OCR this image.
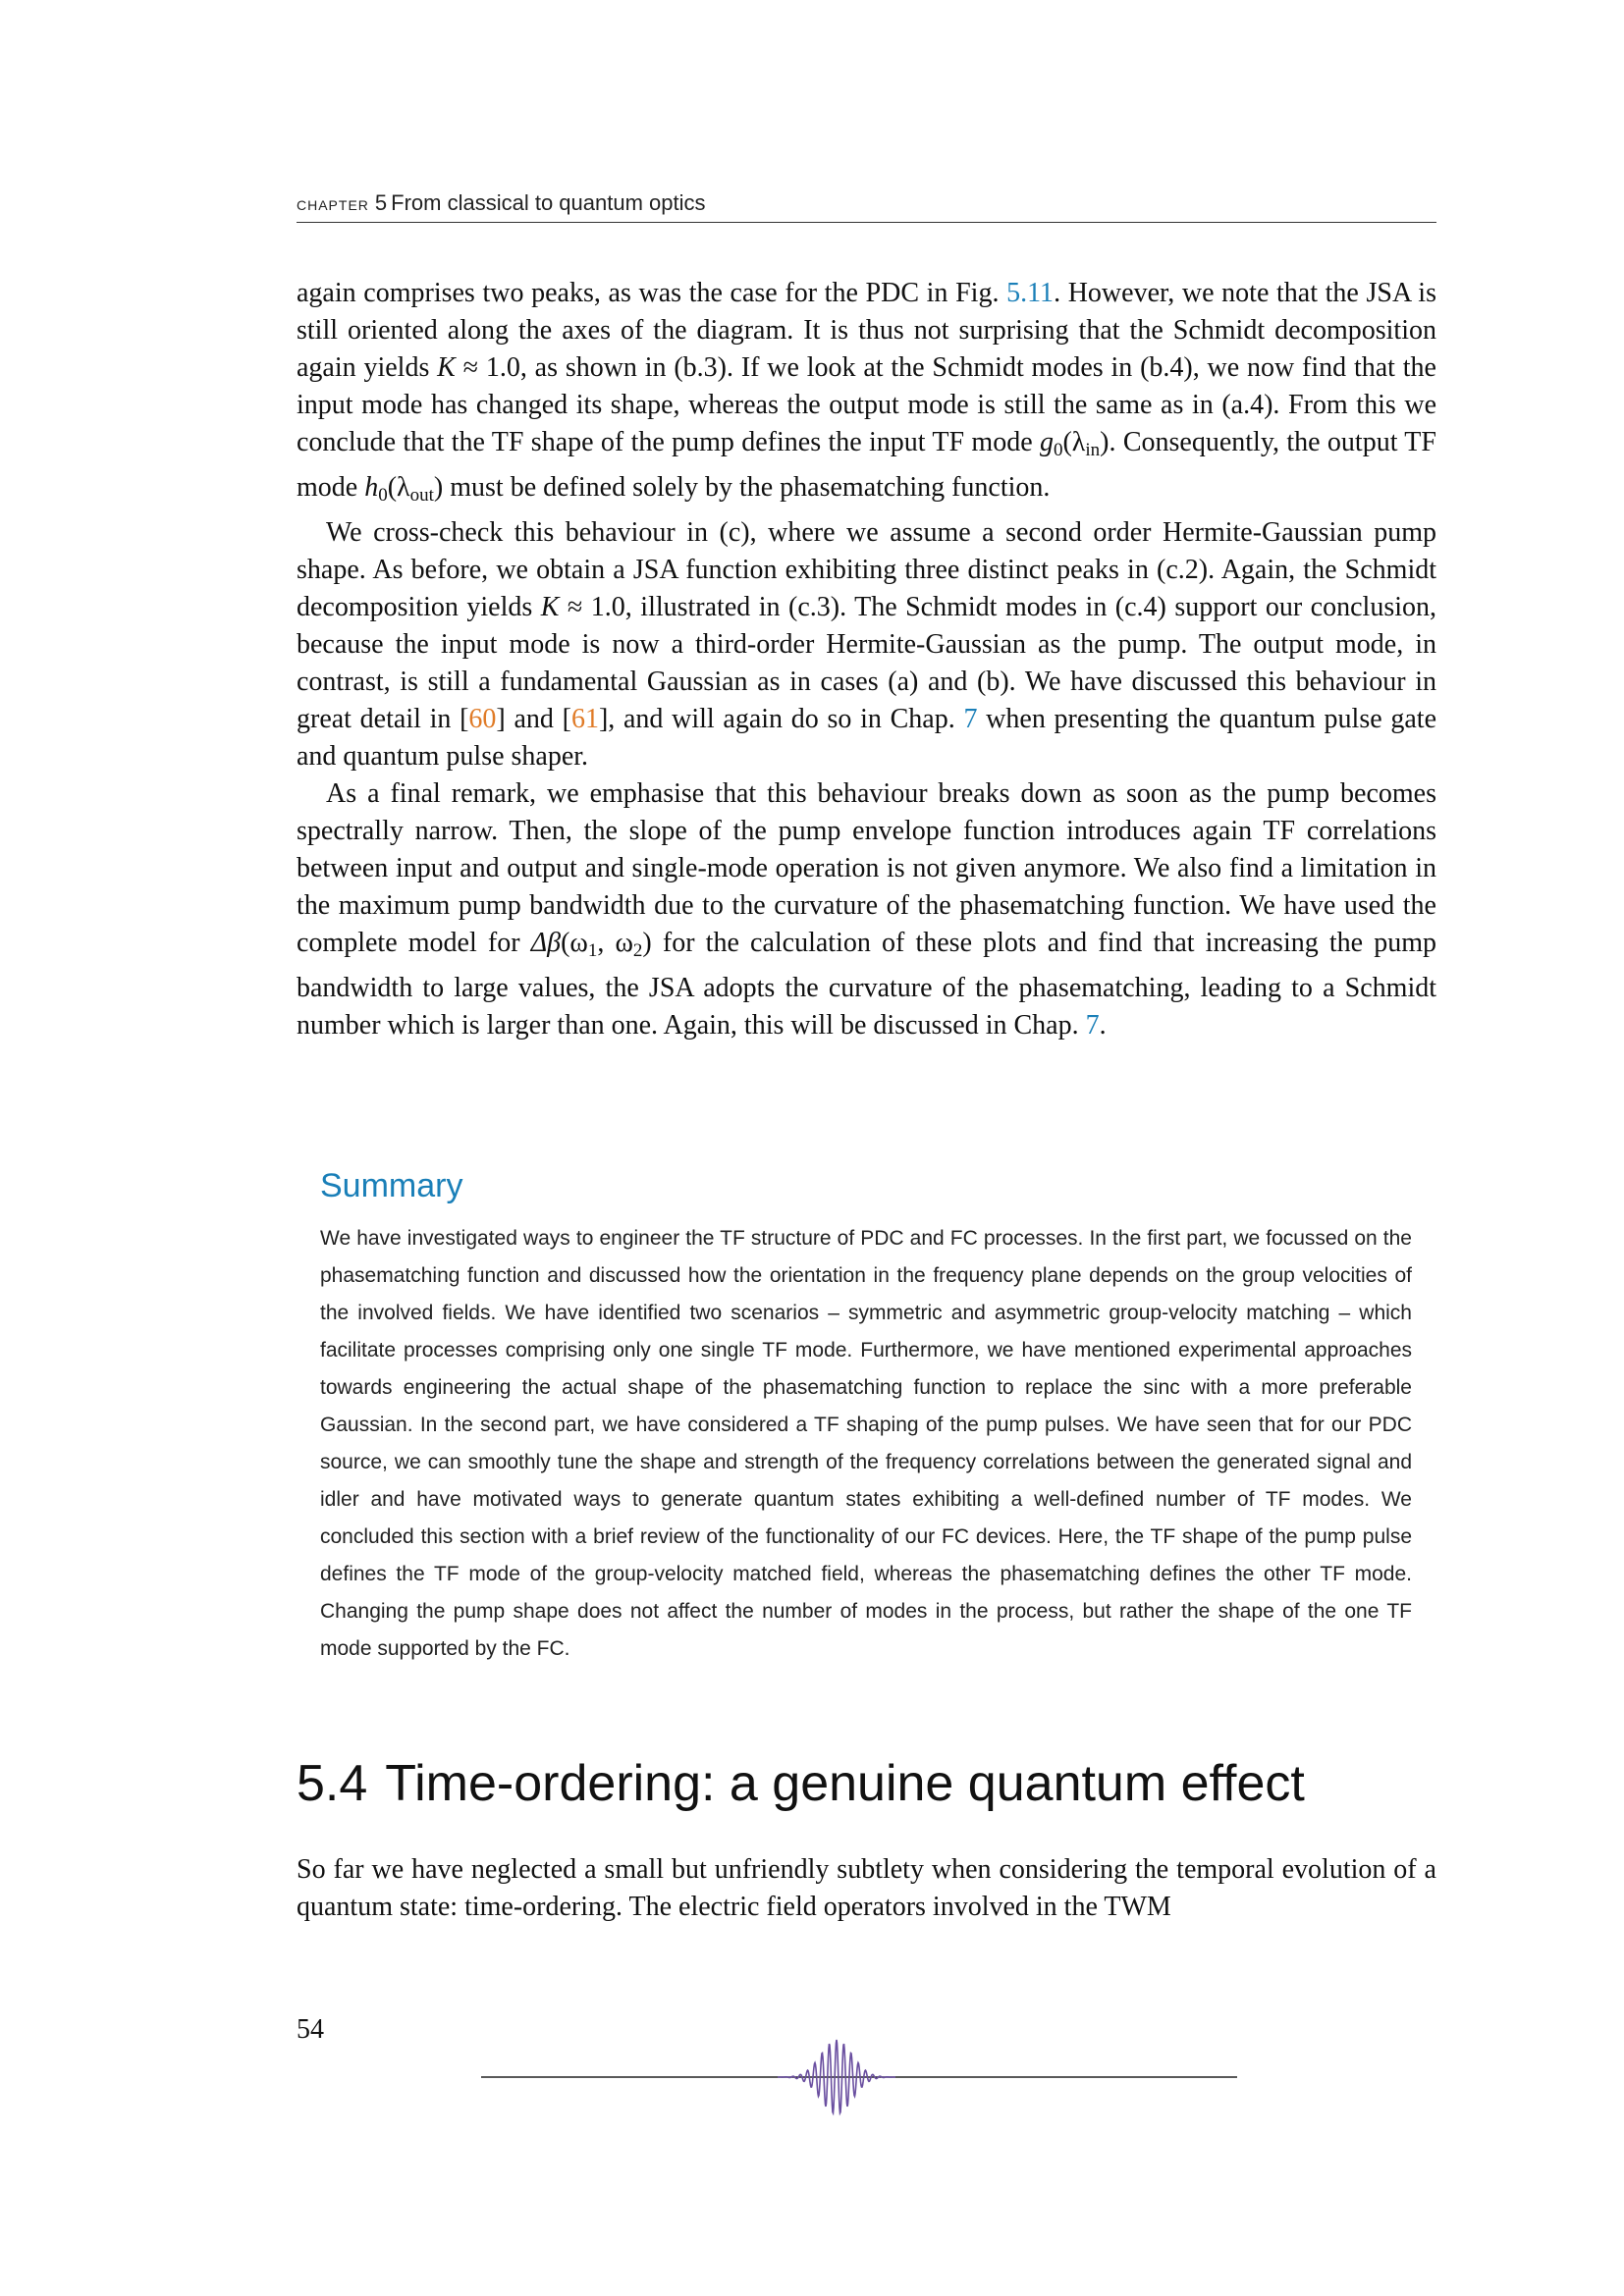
chapter 5 From classical to quantum optics

again comprises two peaks, as was the case for the PDC in Fig. 5.11. However, we note that the JSA is still oriented along the axes of the diagram. It is thus not surprising that the Schmidt decomposition again yields K ≈ 1.0, as shown in (b.3). If we look at the Schmidt modes in (b.4), we now find that the input mode has changed its shape, whereas the output mode is still the same as in (a.4). From this we conclude that the TF shape of the pump defines the input TF mode $g_0(\lambda_{in})$. Consequently, the output TF mode $h_0(\lambda_{out})$ must be defined solely by the phasematching function.

We cross-check this behaviour in (c), where we assume a second order Hermite-Gaussian pump shape. As before, we obtain a JSA function exhibiting three distinct peaks in (c.2). Again, the Schmidt decomposition yields K ≈ 1.0, illustrated in (c.3). The Schmidt modes in (c.4) support our conclusion, because the input mode is now a third-order Hermite-Gaussian as the pump. The output mode, in contrast, is still a fundamental Gaussian as in cases (a) and (b). We have discussed this behaviour in great detail in [60] and [61], and will again do so in Chap. 7 when presenting the quantum pulse gate and quantum pulse shaper.

As a final remark, we emphasise that this behaviour breaks down as soon as the pump becomes spectrally narrow. Then, the slope of the pump envelope function introduces again TF correlations between input and output and single-mode operation is not given anymore. We also find a limitation in the maximum pump bandwidth due to the curvature of the phasematching function. We have used the complete model for $\Delta\beta(\omega_1$, $\omega_2$) for the calculation of these plots and find that increasing the pump bandwidth to large values, the JSA adopts the curvature of the phasematching, leading to a Schmidt number which is larger than one. Again, this will be discussed in Chap. 7.

Summary

We have investigated ways to engineer the TF structure of PDC and FC processes. In the first part, we focussed on the phasematching function and discussed how the orientation in the frequency plane depends on the group velocities of the involved fields. We have identified two scenarios – symmetric and asymmetric group-velocity matching – which facilitate processes comprising only one single TF mode. Furthermore, we have mentioned experimental approaches towards engineering the actual shape of the phasematching function to replace the sinc with a more preferable Gaussian. In the second part, we have considered a TF shaping of the pump pulses. We have seen that for our PDC source, we can smoothly tune the shape and strength of the frequency correlations between the generated signal and idler and have motivated ways to generate quantum states exhibiting a well-defined number of TF modes. We concluded this section with a brief review of the functionality of our FC devices. Here, the TF shape of the pump pulse defines the TF mode of the group-velocity matched field, whereas the phasematching defines the other TF mode. Changing the pump shape does not affect the number of modes in the process, but rather the shape of the one TF mode supported by the FC.

5.4 Time-ordering: a genuine quantum effect

So far we have neglected a small but unfriendly subtlety when considering the temporal evolution of a quantum state: time-ordering. The electric field operators involved in the TWM

54
